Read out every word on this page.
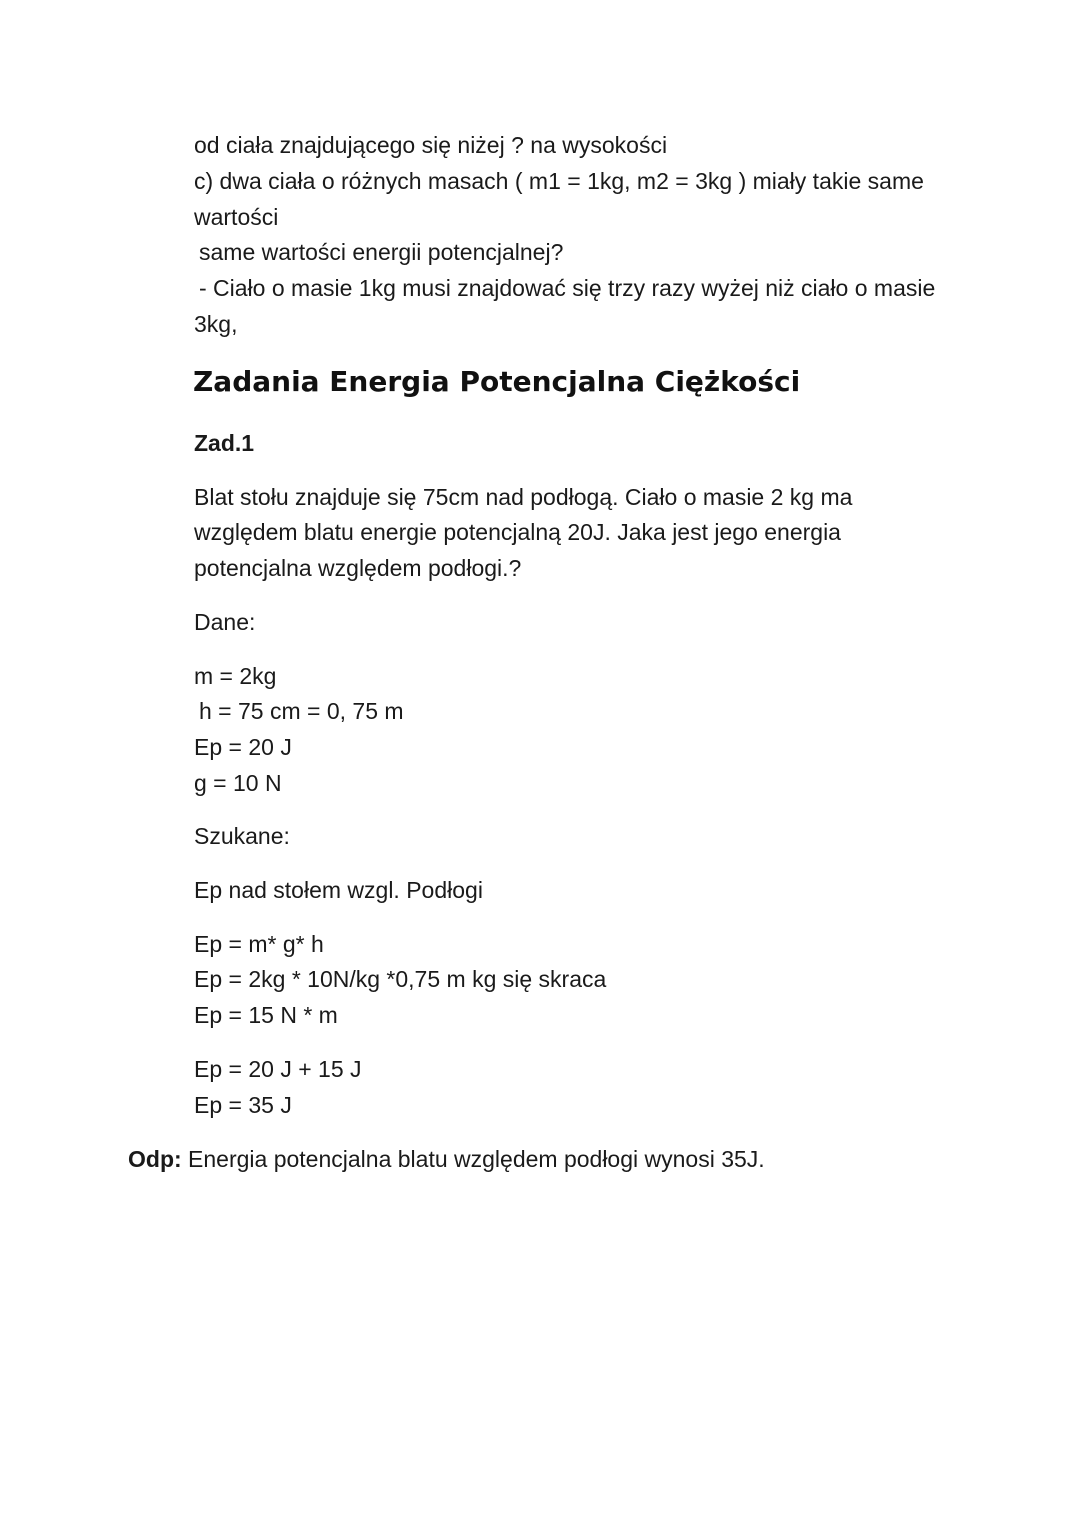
od ciała znajdującego się niżej ? na wysokości

c) dwa ciała o różnych masach ( m1 = 1kg, m2 = 3kg ) miały takie same

wartości

same wartości energii potencjalnej?

- Ciało o masie 1kg musi znajdować się trzy razy wyżej niż ciało o masie

3kg,

Zadania Energia Potencjalna Ciężkości

Zad.1

Blat stołu znajduje się 75cm nad podłogą. Ciało o masie 2 kg ma

względem blatu energie potencjalną 20J. Jaka jest jego energia

potencjalna względem podłogi.?

Dane:

m = 2kg

h = 75 cm = 0, 75 m

Ep = 20 J

g = 10 N

Szukane:

Ep nad stołem wzgl. Podłogi

Ep = m* g* h

Ep = 2kg * 10N/kg *0,75 m kg się skraca

Ep = 15 N * m

Ep = 20 J + 15 J

Ep = 35 J

Odp: Energia potencjalna blatu względem podłogi wynosi 35J.
